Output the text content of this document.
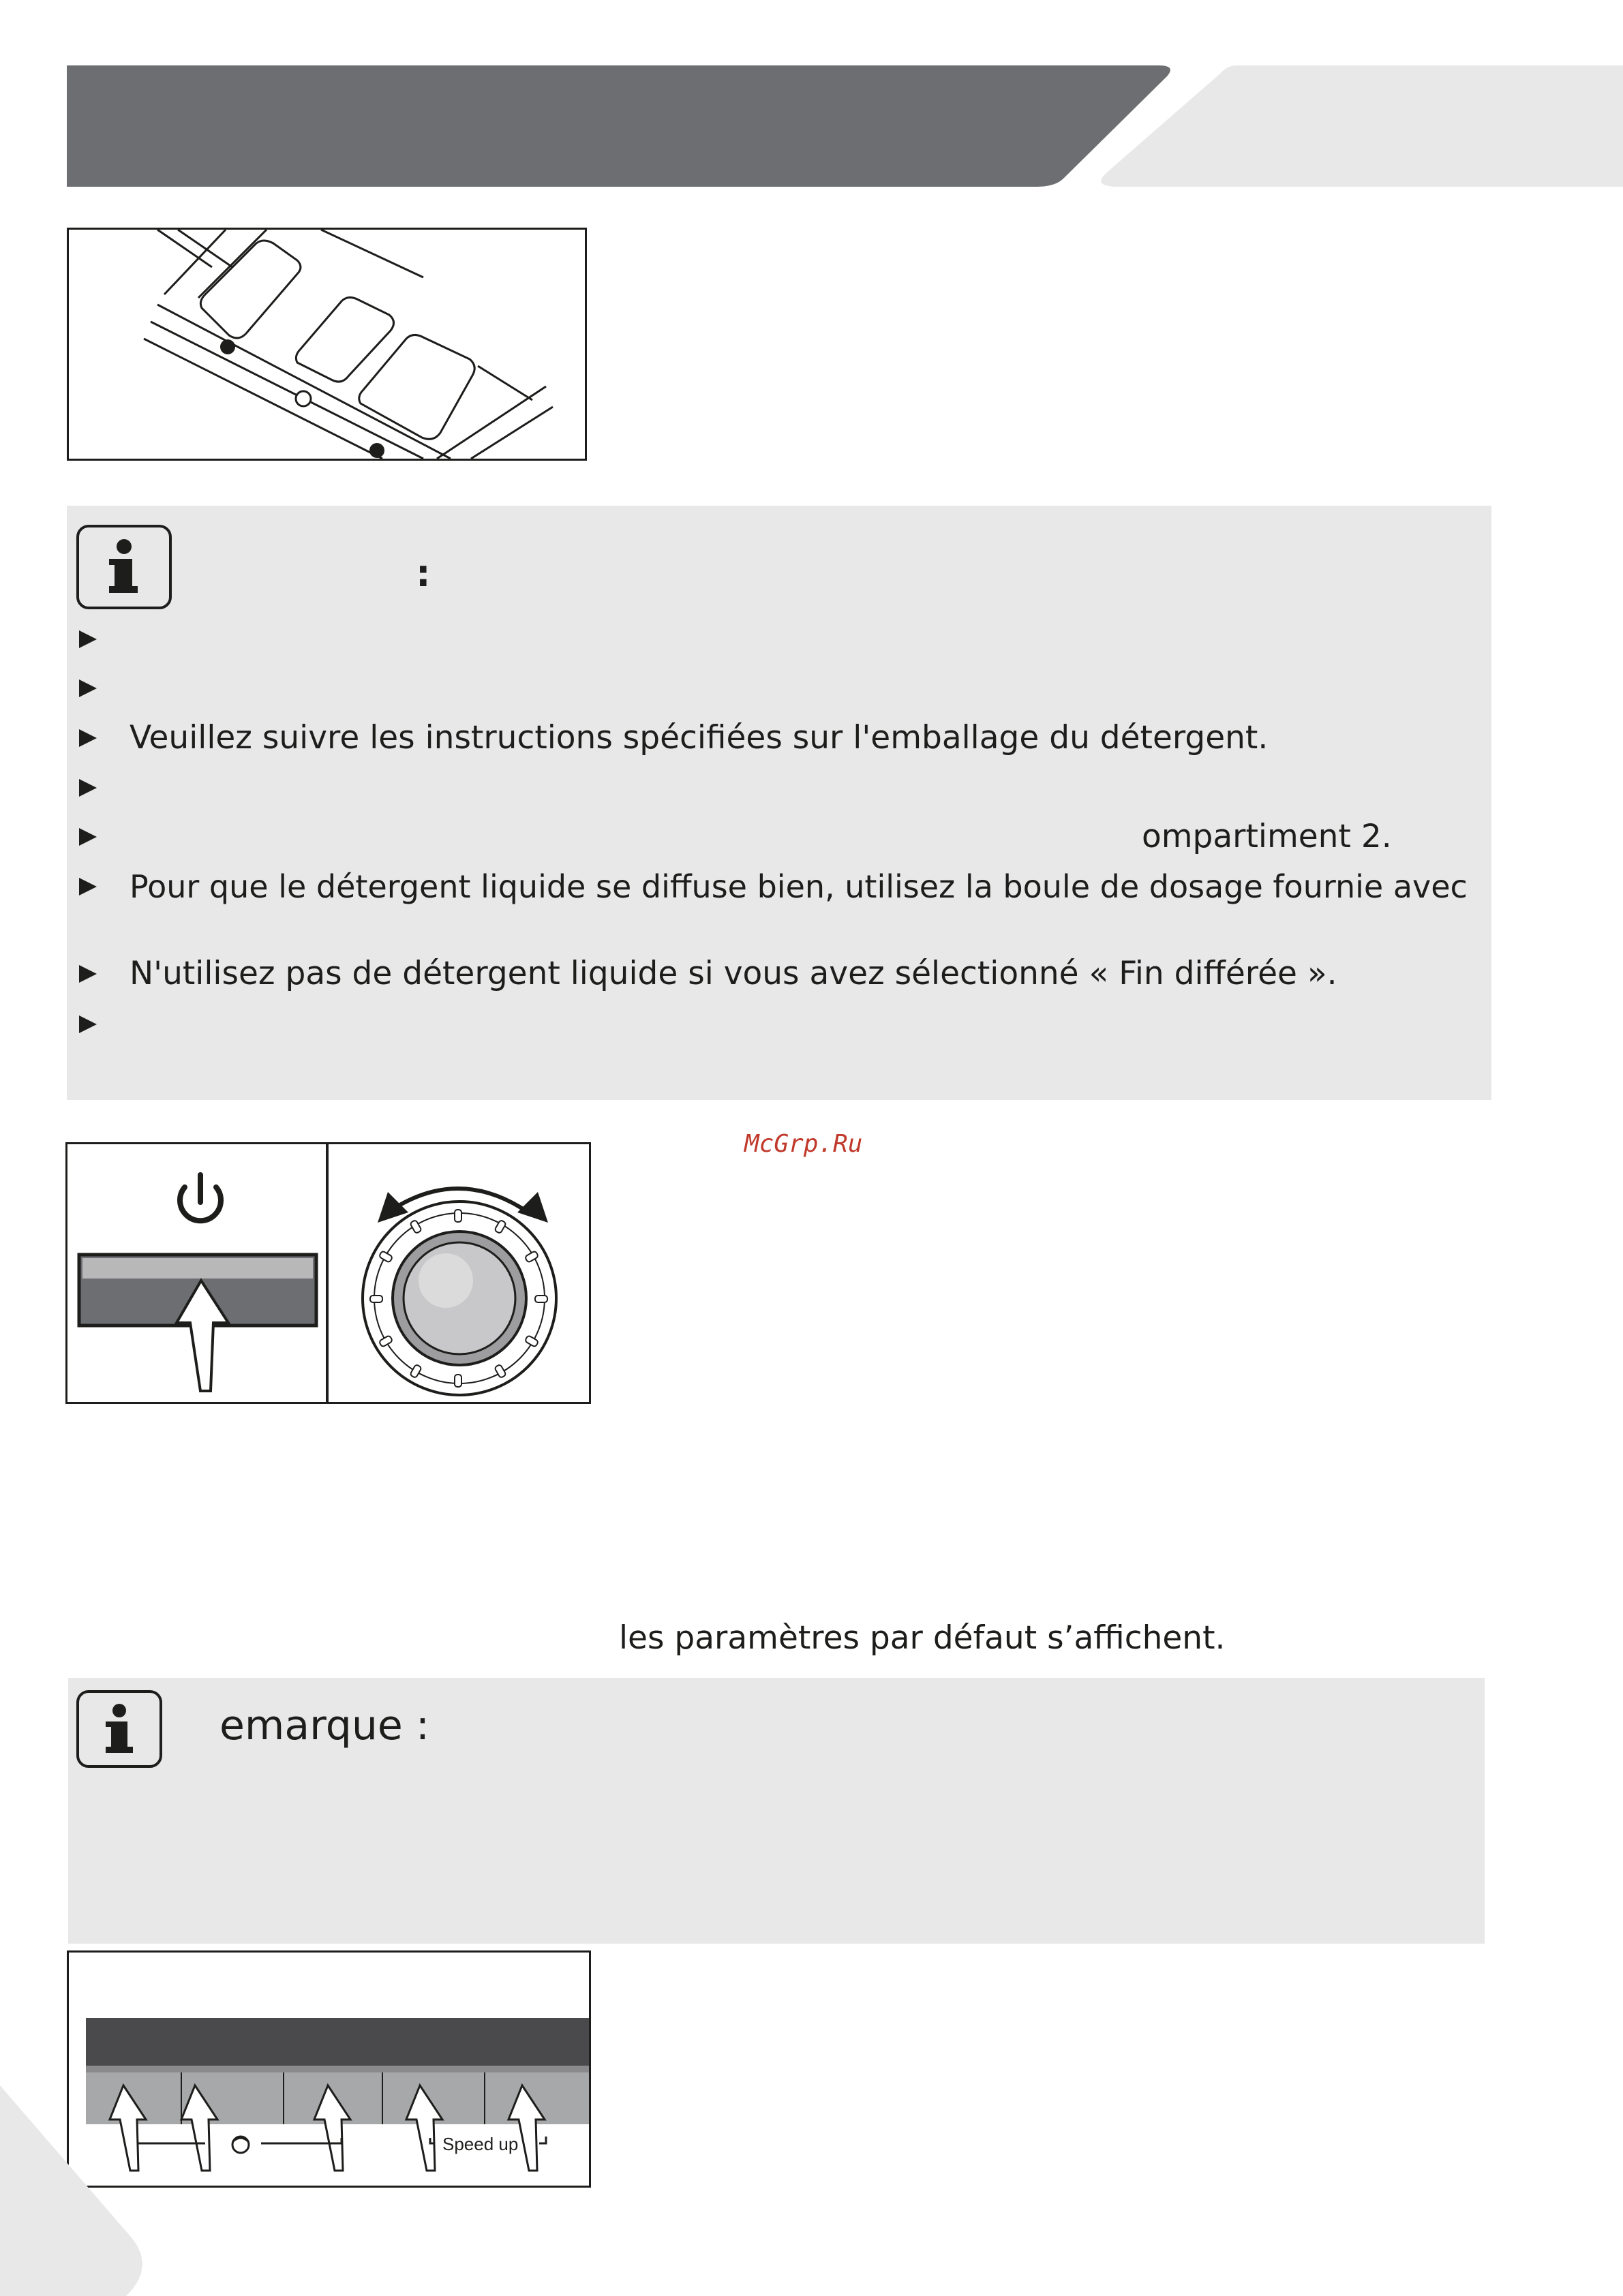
:
Veuillez suivre les instructions spécifiées sur l'emballage du détergent.
ompartiment 2.
Pour que le détergent liquide se diffuse bien, utilisez la boule de dosage fournie avec
N'utilisez pas de détergent liquide si vous avez sélectionné « Fin différée ».
McGrp.Ru
les paramètres par défaut s’affichent.
emarque :
Speed up
